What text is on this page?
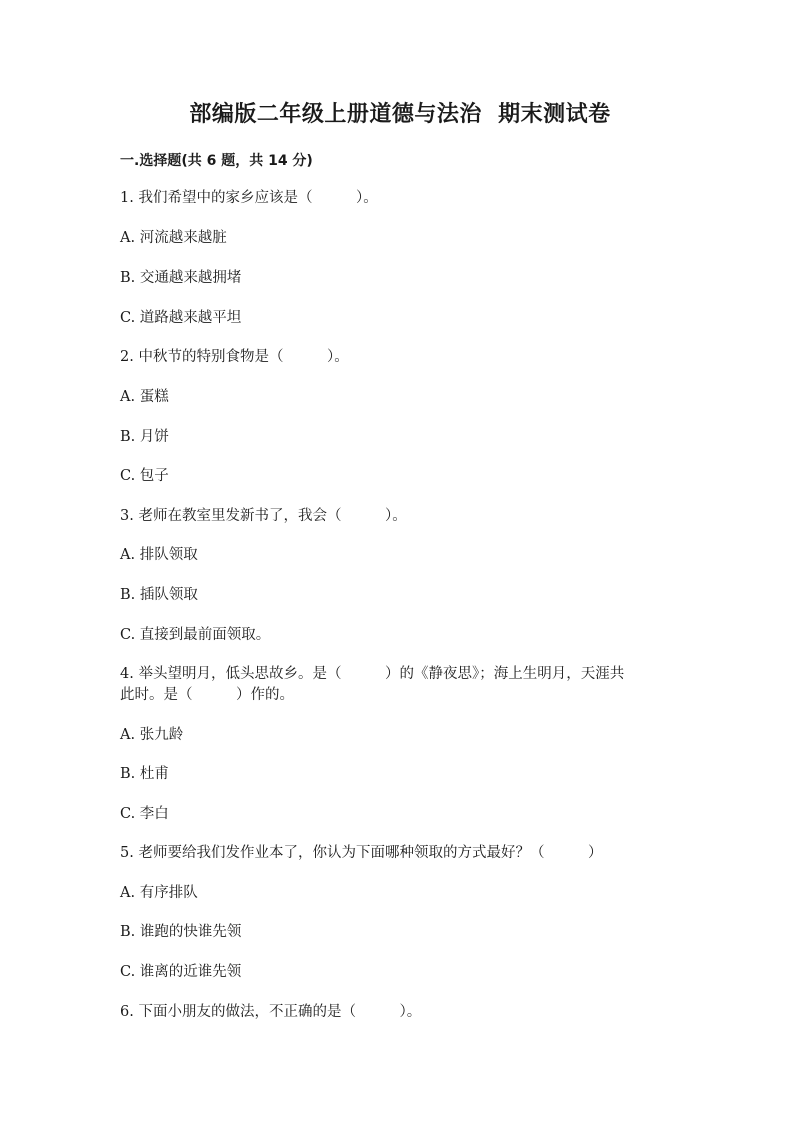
部编版二年级上册道德与法治  期末测试卷
一.选择题(共 6 题，共 14 分)
1. 我们希望中的家乡应该是（　　　）。
A. 河流越来越脏
B. 交通越来越拥堵
C. 道路越来越平坦
2. 中秋节的特别食物是（　　　）。
A. 蛋糕
B. 月饼
C. 包子
3. 老师在教室里发新书了，我会（　　　）。
A. 排队领取
B. 插队领取
C. 直接到最前面领取。
4. 举头望明月，低头思故乡。是（　　　）的《静夜思》；海上生明月，天涯共
此时。是（　　　）作的。
A. 张九龄
B. 杜甫
C. 李白
5. 老师要给我们发作业本了，你认为下面哪种领取的方式最好？（　　　）
A. 有序排队
B. 谁跑的快谁先领
C. 谁离的近谁先领
6. 下面小朋友的做法，不正确的是（　　　）。
